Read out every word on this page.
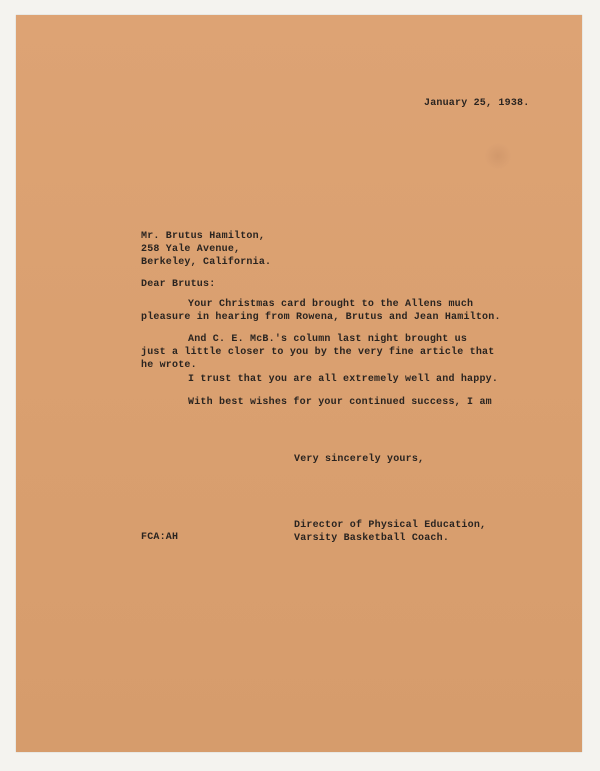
January 25, 1938.

Mr. Brutus Hamilton,
258 Yale Avenue,
Berkeley, California.

Dear Brutus:

Your Christmas card brought to the Allens much
pleasure in hearing from Rowena, Brutus and Jean Hamilton.
And C. E. McB.'s column last night brought us
just a little closer to you by the very fine article that
he wrote.
I trust that you are all extremely well and happy.
With best wishes for your continued success, I am

Very sincerely yours,

Director of Physical Education,
Varsity Basketball Coach.

FCA:AH
